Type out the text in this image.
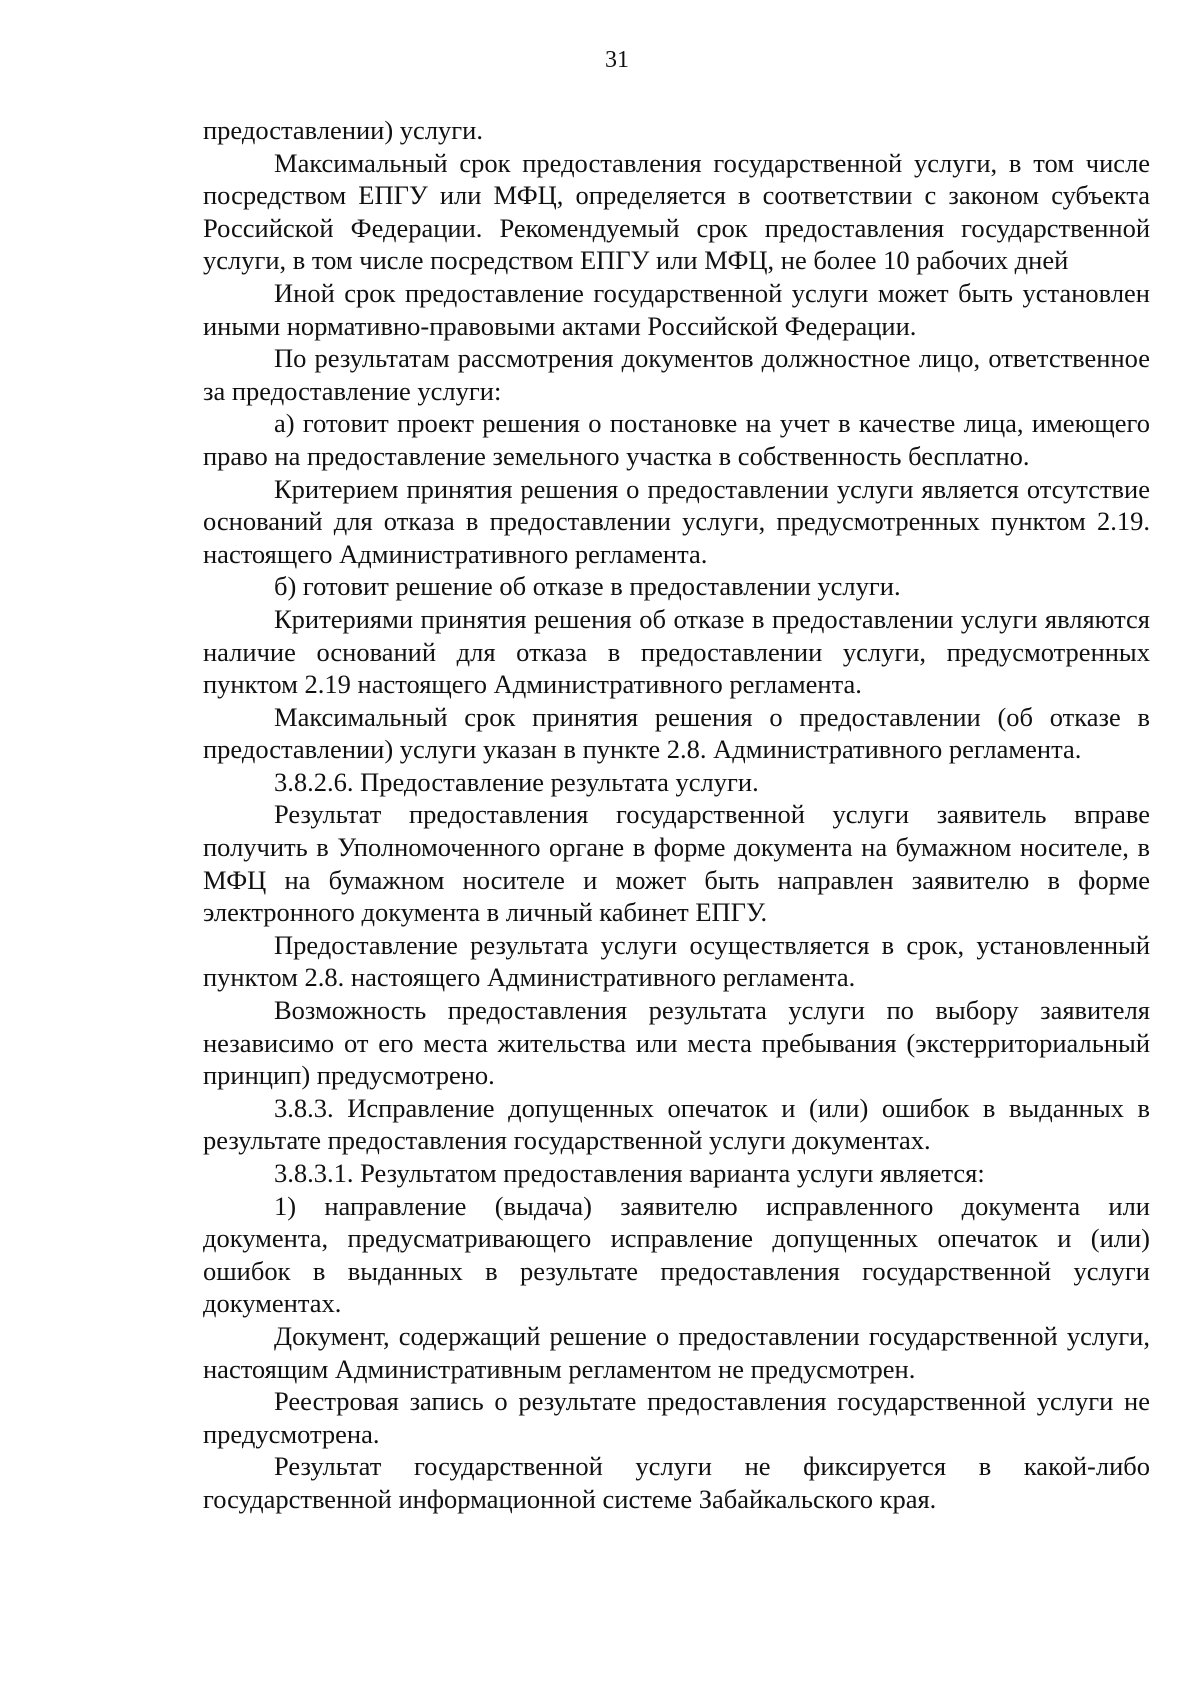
31

предоставлении) услуги.

Максимальный срок предоставления государственной услуги, в том числе посредством ЕПГУ или МФЦ, определяется в соответствии с законом субъекта Российской Федерации. Рекомендуемый срок предоставления государственной услуги, в том числе посредством ЕПГУ или МФЦ, не более 10 рабочих дней

Иной срок предоставление государственной услуги может быть установлен иными нормативно-правовыми актами Российской Федерации.

По результатам рассмотрения документов должностное лицо, ответственное за предоставление услуги:

а) готовит проект решения о постановке на учет в качестве лица, имеющего право на предоставление земельного участка в собственность бесплатно.

Критерием принятия решения о предоставлении услуги является отсутствие оснований для отказа в предоставлении услуги, предусмотренных пунктом 2.19. настоящего Административного регламента.

б) готовит решение об отказе в предоставлении услуги.

Критериями принятия решения об отказе в предоставлении услуги являются наличие оснований для отказа в предоставлении услуги, предусмотренных пунктом 2.19 настоящего Административного регламента.

Максимальный срок принятия решения о предоставлении (об отказе в предоставлении) услуги указан в пункте 2.8. Административного регламента.

3.8.2.6. Предоставление результата услуги.

Результат предоставления государственной услуги заявитель вправе получить в Уполномоченного органе в форме документа на бумажном носителе, в МФЦ на бумажном носителе и может быть направлен заявителю в форме электронного документа в личный кабинет ЕПГУ.

Предоставление результата услуги осуществляется в срок, установленный пунктом 2.8. настоящего Административного регламента.

Возможность предоставления результата услуги по выбору заявителя независимо от его места жительства или места пребывания (экстерриториальный принцип) предусмотрено.

3.8.3. Исправление допущенных опечаток и (или) ошибок в выданных в результате предоставления государственной услуги документах.

3.8.3.1. Результатом предоставления варианта услуги является:

1) направление (выдача) заявителю исправленного документа или документа, предусматривающего исправление допущенных опечаток и (или) ошибок в выданных в результате предоставления государственной услуги документах.

Документ, содержащий решение о предоставлении государственной услуги, настоящим Административным регламентом не предусмотрен.

Реестровая запись о результате предоставления государственной услуги не предусмотрена.

Результат государственной услуги не фиксируется в какой-либо государственной информационной системе Забайкальского края.
